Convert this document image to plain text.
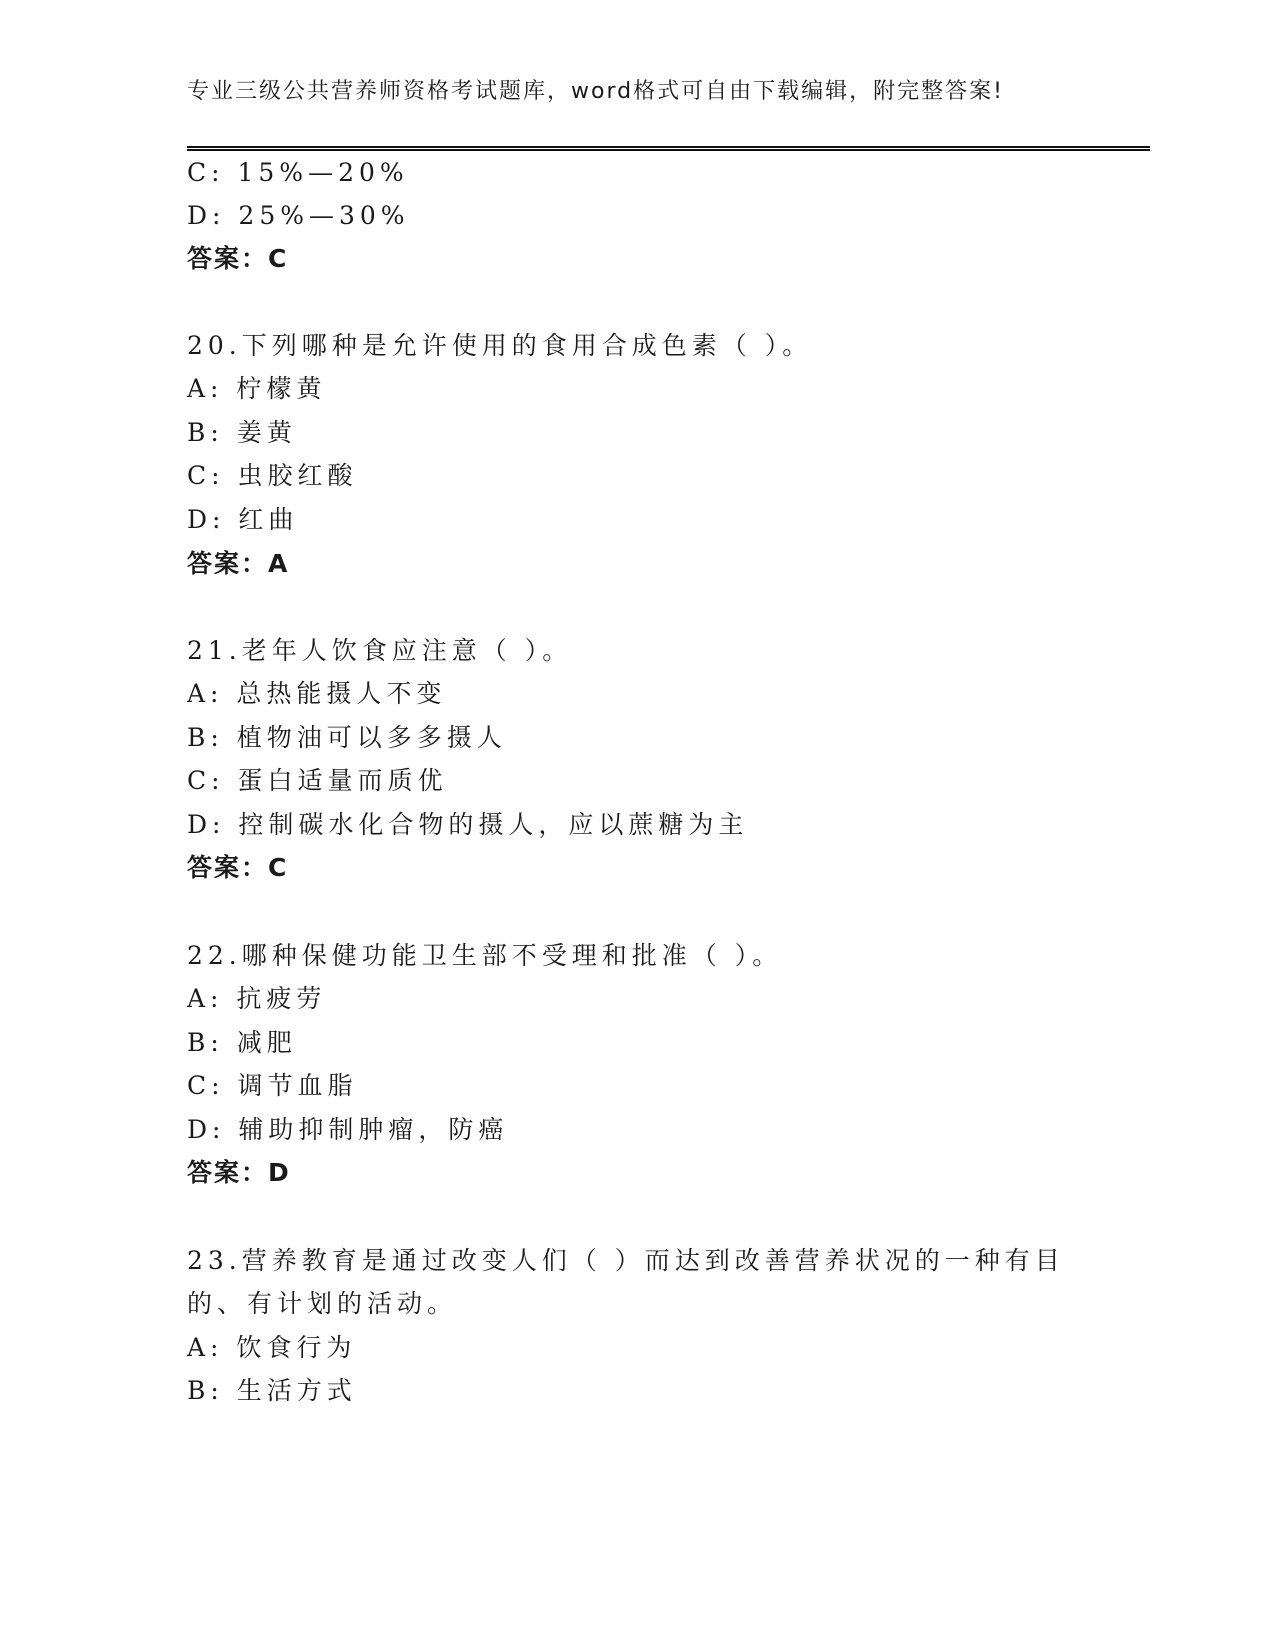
专业三级公共营养师资格考试题库，word格式可自由下载编辑，附完整答案!
C: 15%—20%
D: 25%—30%
答案：C
20.下列哪种是允许使用的食用合成色素（ ）。
A: 柠檬黄
B: 姜黄
C: 虫胶红酸
D: 红曲
答案：A
21.老年人饮食应注意（ ）。
A: 总热能摄人不变
B: 植物油可以多多摄人
C: 蛋白适量而质优
D: 控制碳水化合物的摄人，应以蔗糖为主
答案：C
22.哪种保健功能卫生部不受理和批准（ ）。
A: 抗疲劳
B: 减肥
C: 调节血脂
D: 辅助抑制肿瘤，防癌
答案：D
23.营养教育是通过改变人们（ ）而达到改善营养状况的一种有目
的、有计划的活动。
A: 饮食行为
B: 生活方式
